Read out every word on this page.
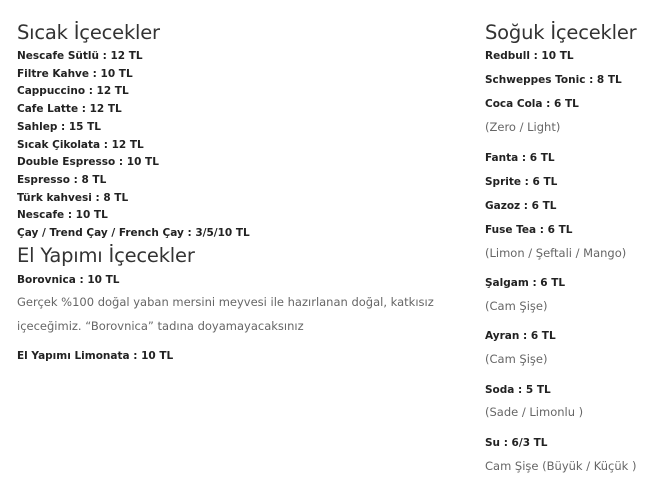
Sıcak İçecekler
Nescafe Sütlü : 12 TL
Filtre Kahve : 10 TL
Cappuccino : 12 TL
Cafe Latte : 12 TL
Sahlep : 15 TL
Sıcak Çikolata : 12 TL
Double Espresso : 10 TL
Espresso : 8 TL
Türk kahvesi : 8 TL
Nescafe : 10 TL
Çay / Trend Çay / French Çay : 3/5/10 TL
El Yapımı İçecekler
Borovnica : 10 TL
Gerçek %100 doğal yaban mersini meyvesi ile hazırlanan doğal, katkısız
içeceğimiz. “Borovnica” tadına doyamayacaksınız
El Yapımı Limonata : 10 TL
Soğuk İçecekler
Redbull : 10 TL
Schweppes Tonic : 8 TL
Coca Cola : 6 TL
(Zero / Light)
Fanta : 6 TL
Sprite : 6 TL
Gazoz : 6 TL
Fuse Tea : 6 TL
(Limon / Şeftali / Mango)
Şalgam : 6 TL
(Cam Şişe)
Ayran : 6 TL
(Cam Şişe)
Soda : 5 TL
(Sade / Limonlu )
Su : 6/3 TL
Cam Şişe (Büyük / Küçük )
